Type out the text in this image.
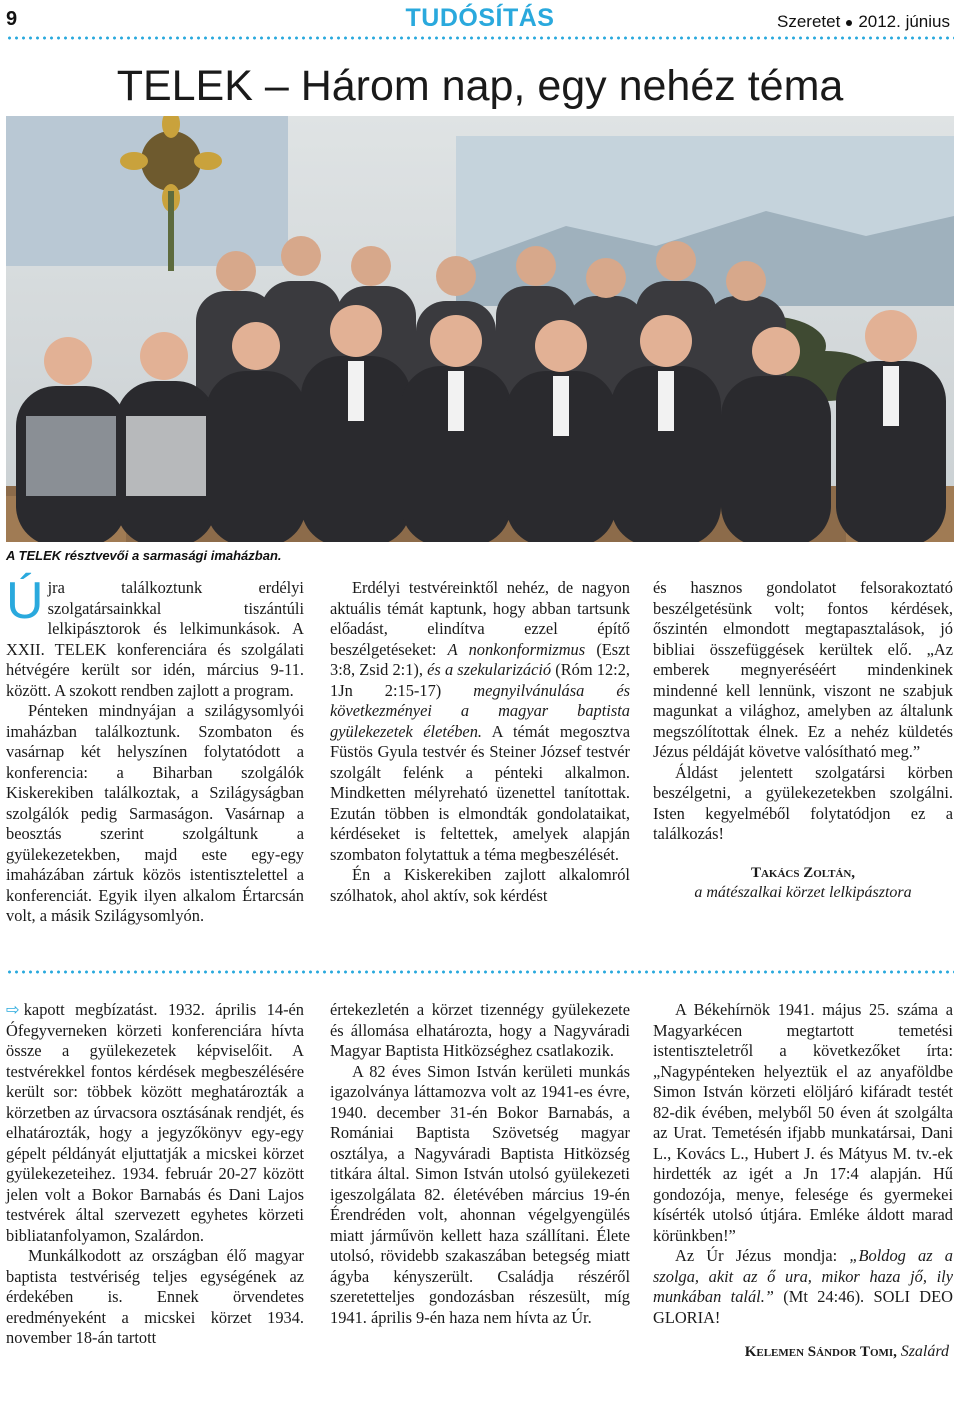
9	TUDÓSÍTÁS	Szeretet 2012. június
TELEK – Három nap, egy nehéz téma
A TELEK résztvevői a sarmasági imaházban.

Újra találkoztunk erdélyi szolgatársainkkal tiszántúli lelkipásztorok és lelkimunkások. A XXII. TELEK konferenciára és szolgálati hétvégére került sor idén, március 9-11. között. A szokott rendben zajlott a program.

Pénteken mindnyájan a szilágysomlyói imaházban találkoztunk. Szombaton és vasárnap két helyszínen folytatódott a konferencia: a Biharban szolgálók Kiskerekiben találkoztak, a Szilágyságban szolgálók pedig Sarmaságon. Vasárnap a beosztás szerint szolgáltunk a gyülekezetekben, majd este egy-egy imaházában zártuk közös istentisztelettel a konferenciát. Egyik ilyen alkalom Értarcsán volt, a másik Szilágysomlyón.

Erdélyi testvéreinktől nehéz, de nagyon aktuális témát kaptunk, hogy abban tartsunk előadást, elindítva ezzel építő beszélgetéseket: A nonkonformizmus (Eszt 3:8, Zsid 2:1), és a szekularizáció (Róm 12:2, 1Jn 2:15-17) megnyilvánulása és következményei a magyar baptista gyülekezetek életében. A témát megosztva Füstös Gyula testvér és Steiner József testvér szolgált felénk a pénteki alkalmon. Mindketten mélyreható üzenettel tanítottak. Ezután többen is elmondták gondolataikat, kérdéseket is feltettek, amelyek alapján szombaton folytattuk a téma megbeszélését.

Én a Kiskerekiben zajlott alkalomról szólhatok, ahol aktív, sok kérdést

és hasznos gondolatot felsorakoztató beszélgetésünk volt; fontos kérdések, őszintén elmondott megtapasztalások, jó bibliai összefüggések kerültek elő. „Az emberek megnyeréséért mindenkinek mindenné kell lennünk, viszont ne szabjuk magunkat a világhoz, amelyben az általunk megszólítottak élnek. Ez a nehéz küldetés Jézus példáját követve valósítható meg.”

Áldást jelentett szolgatársi körben beszélgetni, a gyülekezetekben szolgálni. Isten kegyelméből folytatódjon ez a találkozás!

Takács Zoltán,
a mátészalkai körzet lelkipásztora

⇨ kapott megbízatást. 1932. április 14-én Ófegyverneken körzeti konferenciára hívta össze a gyülekezetek képviselőit. A testvérekkel fontos kérdések megbeszélésére került sor: többek között meghatározták a körzetben az úrvacsora osztásának rendjét, és elhatározták, hogy a jegyzőkönyv egy-egy gépelt példányát eljuttatják a micskei körzet gyülekezeteihez. 1934. február 20-27 között jelen volt a Bokor Barnabás és Dani Lajos testvérek által szervezett egyhetes körzeti bibliatanfolyamon, Szalárdon.

Munkálkodott az országban élő magyar baptista testvériség teljes egységének az érdekében is. Ennek örvendetes eredményeként a micskei körzet 1934. november 18-án tartott

értekezletén a körzet tizennégy gyülekezete és állomása elhatározta, hogy a Nagyváradi Magyar Baptista Hitközséghez csatlakozik.

A 82 éves Simon István kerületi munkás igazolványa láttamozva volt az 1941-es évre, 1940. december 31-én Bokor Barnabás, a Romániai Baptista Szövetség magyar osztálya, a Nagyváradi Baptista Hitközség titkára által. Simon István utolsó gyülekezeti igeszolgálata 82. életévében március 19-én Érendréden volt, ahonnan végelgyengülés miatt járművön kellett haza szállítani. Élete utolsó, rövidebb szakaszában betegség miatt ágyba kényszerült. Családja részéről szeretetteljes gondozásban részesült, míg 1941. április 9-én haza nem hívta az Úr.

A Békehírnök 1941. május 25. száma a Magyarkécen megtartott temetési istentiszteletről a következőket írta: „Nagypénteken helyeztük el az anyaföldbe Simon István körzeti elöljáró kifáradt testét 82-dik évében, melyből 50 éven át szolgálta az Urat. Temetésén ifjabb munkatársai, Dani L., Kovács L., Hubert J. és Mátyus M. tv.-ek hirdették az igét a Jn 17:4 alapján. Hű gondozója, menye, felesége és gyermekei kísérték utolsó útjára. Emléke áldott marad körünkben!”

Az Úr Jézus mondja: „Boldog az a szolga, akit az ő ura, mikor haza jő, ily munkában talál.” (Mt 24:46). SOLI DEO GLORIA!

Kelemen Sándor Tomi, Szalárd
